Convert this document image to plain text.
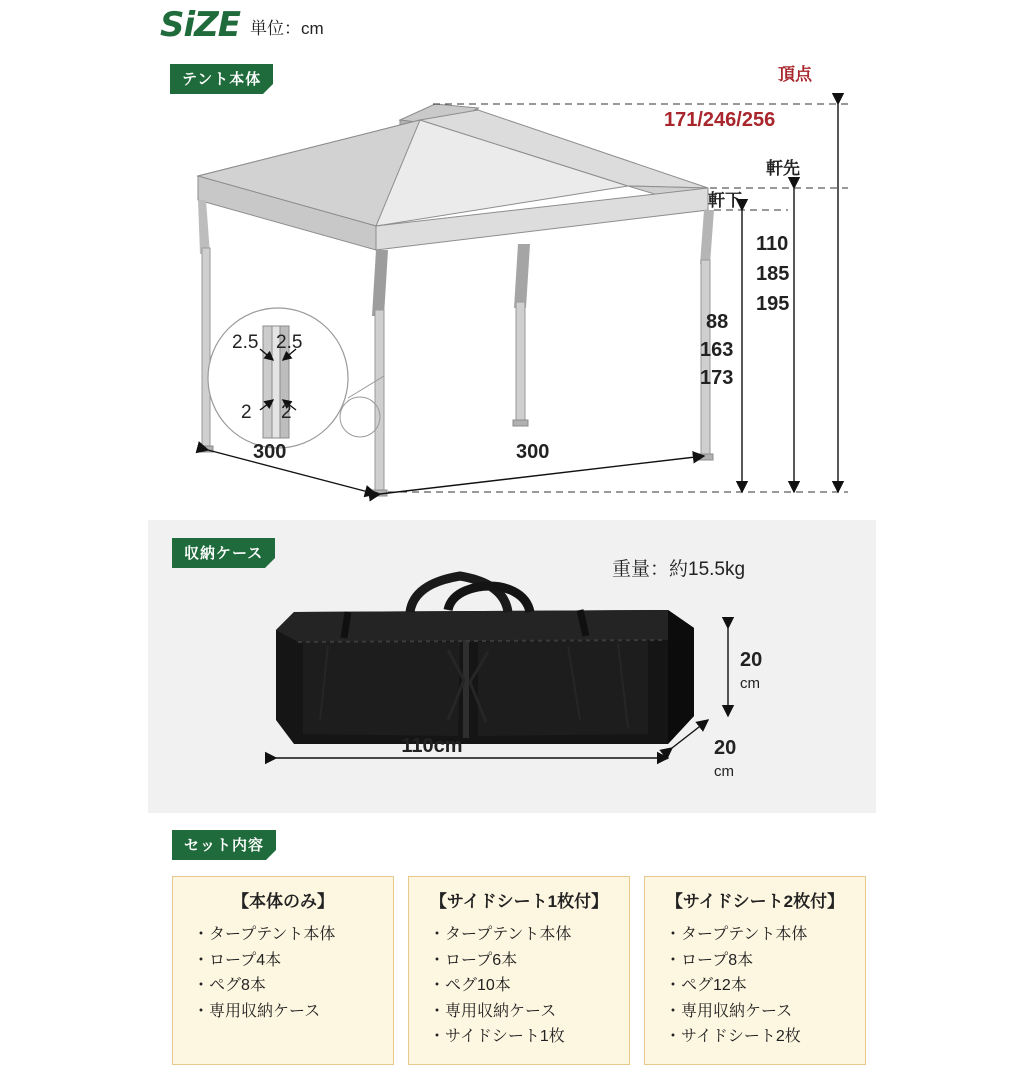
SiZE 単位：cm
テント本体
2.5 2.5
2 2
頂点
171/246/256
軒先
軒下
110
185
195
88
163
173
300	300
収納ケース
重量：約15.5kg
110cm
20
cm
20
cm
セット内容
【本体のみ】
・タープテント本体
・ロープ4本
・ペグ8本
・専用収納ケース
【サイドシート1枚付】
・タープテント本体
・ロープ6本
・ペグ10本
・専用収納ケース
・サイドシート1枚
【サイドシート2枚付】
・タープテント本体
・ロープ8本
・ペグ12本
・専用収納ケース
・サイドシート2枚
